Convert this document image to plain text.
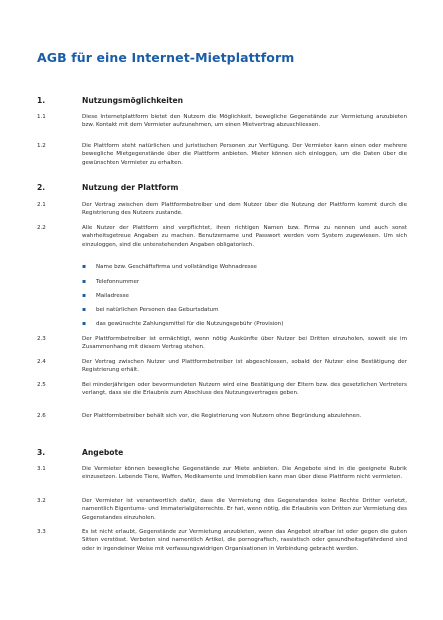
AGB für eine Internet-Mietplattform
1.	Nutzungsmöglichkeiten
1.1	Diese Internetplattform bietet den Nutzern die Möglichkeit, bewegliche Gegenstände zur Vermietung anzubieten bzw. Kontakt mit dem Vermieter aufzunehmen, um einen Mietvertrag abzuschliessen.
1.2	Die Plattform steht natürlichen und juristischen Personen zur Verfügung. Der Vermieter kann einen oder mehrere bewegliche Mietgegenstände über die Plattform anbieten. Mieter können sich einloggen, um die Daten über die gewünschten Vermieter zu erhalten.
2.	Nutzung der Plattform
2.1	Der Vertrag zwischen dem Plattformbetreiber und dem Nutzer über die Nutzung der Plattform kommt durch die Registrierung des Nutzers zustande.
2.2	Alle Nutzer der Plattform sind verpflichtet, ihren richtigen Namen bzw. Firma zu nennen und auch sonst wahrheitsgetreue Angaben zu machen. Benutzername und Passwort werden vom System zugewiesen. Um sich einzuloggen, sind die untenstehenden Angaben obligatorisch.
▪ Name bzw. Geschäftsfirma und vollständige Wohnadresse
▪ Telefonnummer
▪ Mailadresse
▪ bei natürlichen Personen das Geburtsdatum
▪ das gewünschte Zahlungsmittel für die Nutzungsgebühr (Provision)
2.3	Der Plattformbetreiber ist ermächtigt, wenn nötig Auskünfte über Nutzer bei Dritten einzuholen, soweit sie im Zusammenhang mit diesem Vertrag stehen.
2.4	Der Vertrag zwischen Nutzer und Plattformbetreiber ist abgeschlossen, sobald der Nutzer eine Bestätigung der Registrierung erhält.
2.5	Bei minderjährigen oder bevormundeten Nutzern wird eine Bestätigung der Eltern bzw. des gesetzlichen Vertreters verlangt, dass sie die Erlaubnis zum Abschluss des Nutzungsvertrages geben.
2.6	Der Plattformbetreiber behält sich vor, die Registrierung von Nutzern ohne Begründung abzulehnen.
3.	Angebote
3.1	Die Vermieter können bewegliche Gegenstände zur Miete anbieten. Die Angebote sind in die geeignete Rubrik einzusetzen. Lebende Tiere, Waffen, Medikamente und Immobilien kann man über diese Plattform nicht vermieten.
3.2	Der Vermieter ist verantwortlich dafür, dass die Vermietung des Gegenstandes keine Rechte Dritter verletzt, namentlich Eigentums- und Immaterialgüterrechte. Er hat, wenn nötig, die Erlaubnis von Dritten zur Vermietung des Gegenstandes einzuholen.
3.3	Es ist nicht erlaubt, Gegenstände zur Vermietung anzubieten, wenn das Angebot strafbar ist oder gegen die guten Sitten verstösst. Verboten sind namentlich Artikel, die pornografisch, rassistisch oder gesundheitsgefährdend sind oder in irgendeiner Weise mit verfassungswidrigen Organisationen in Verbindung gebracht werden.
